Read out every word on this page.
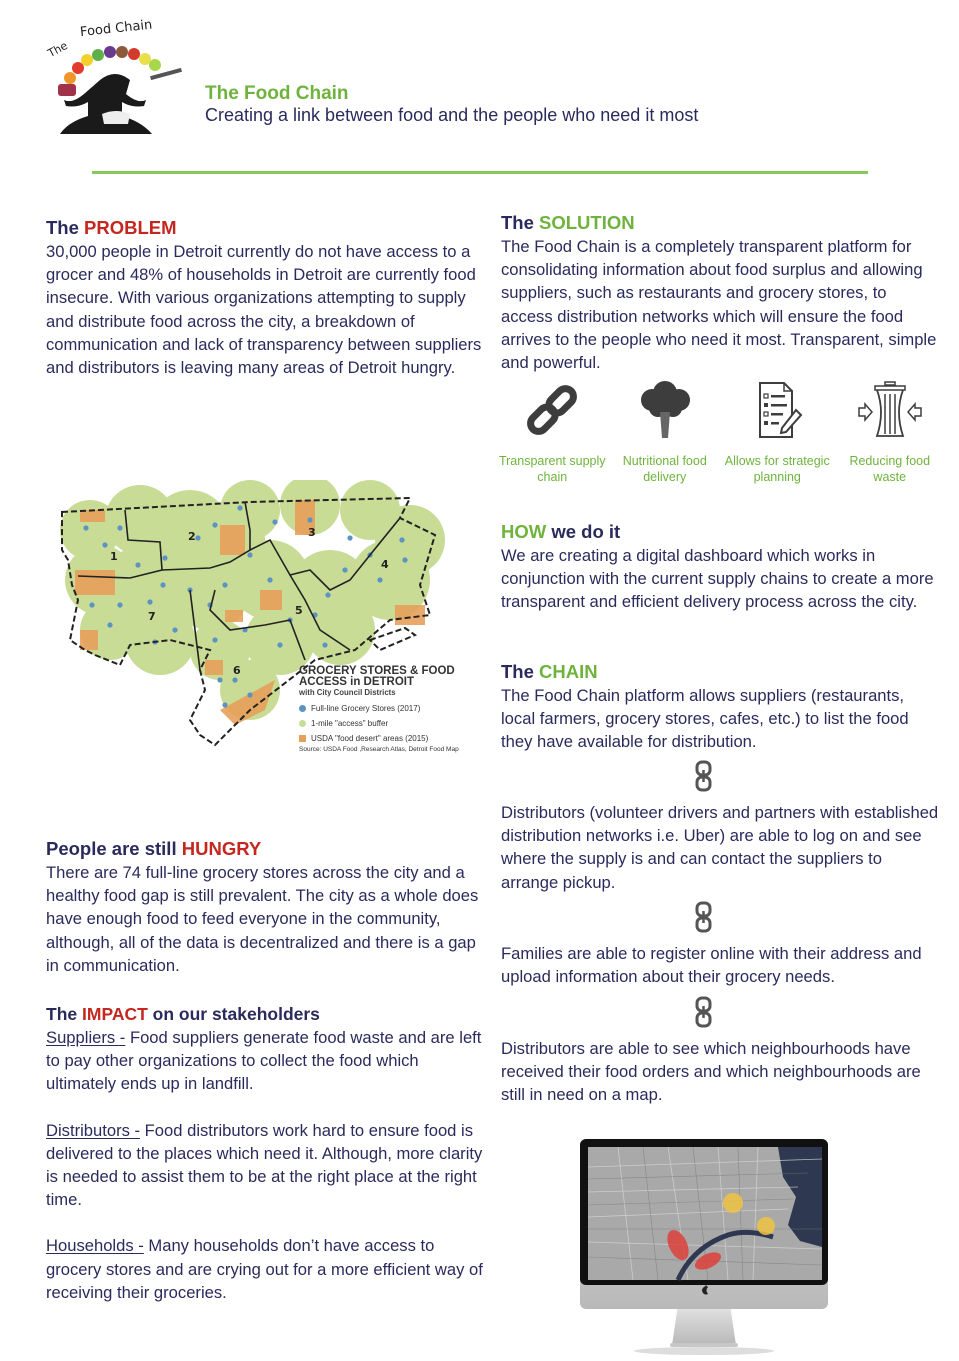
The
Food Chain
The Food Chain
Creating a link between food and the people who need it most
The PROBLEM

30,000 people in Detroit currently do not have access to a grocer and 48% of households in Detroit are currently food insecure. With various organizations attempting to supply and distribute food across the city, a breakdown of communication and lack of transparency between suppliers and distributors is leaving many areas of Detroit hungry.

The SOLUTION

The Food Chain is a completely transparent platform for consolidating information about food surplus and allowing suppliers, such as restaurants and grocery stores, to access distribution networks which will ensure the food arrives to the people who need it most. Transparent, simple and powerful.

Transparent supply chain
Nutritional food delivery
Allows for strategic planning
Reducing food waste
1
2	3
4
5
6
7
GROCERY STORES & FOOD
ACCESS in DETROIT
with City Council Districts
Full-line Grocery Stores (2017)
1-mile "access" buffer
USDA "food desert" areas (2015)
Source: USDA Food ,Research Atlas, Detroit Food Map
HOW we do it

We are creating a digital dashboard which works in conjunction with the current supply chains to create a more transparent and efficient delivery process across the city.

The CHAIN

The Food Chain platform allows suppliers (restaurants, local farmers, grocery stores, cafes, etc.) to list the food they have available for distribution.

Distributors (volunteer drivers and partners with established distribution networks i.e. Uber) are able to log on and see where the supply is and can contact the suppliers to arrange pickup.

Families are able to register online with their address and upload information about their grocery needs.

Distributors are able to see which neighbourhoods have received their food orders and which neighbourhoods are still in need on a map.

People are still HUNGRY

There are 74 full-line grocery stores across the city and a healthy food gap is still prevalent. The city as a whole does have enough food to feed everyone in the community, although, all of the data is decentralized and there is a gap in communication.

The IMPACT on our stakeholders

Suppliers - Food suppliers generate food waste and are left to pay other organizations to collect the food which ultimately ends up in landfill.

Distributors - Food distributors work hard to ensure food is delivered to the places which need it. Although, more clarity is needed to assist them to be at the right place at the right time.

Households - Many households don’t have access to grocery stores and are crying out for a more efficient way of receiving their groceries.
